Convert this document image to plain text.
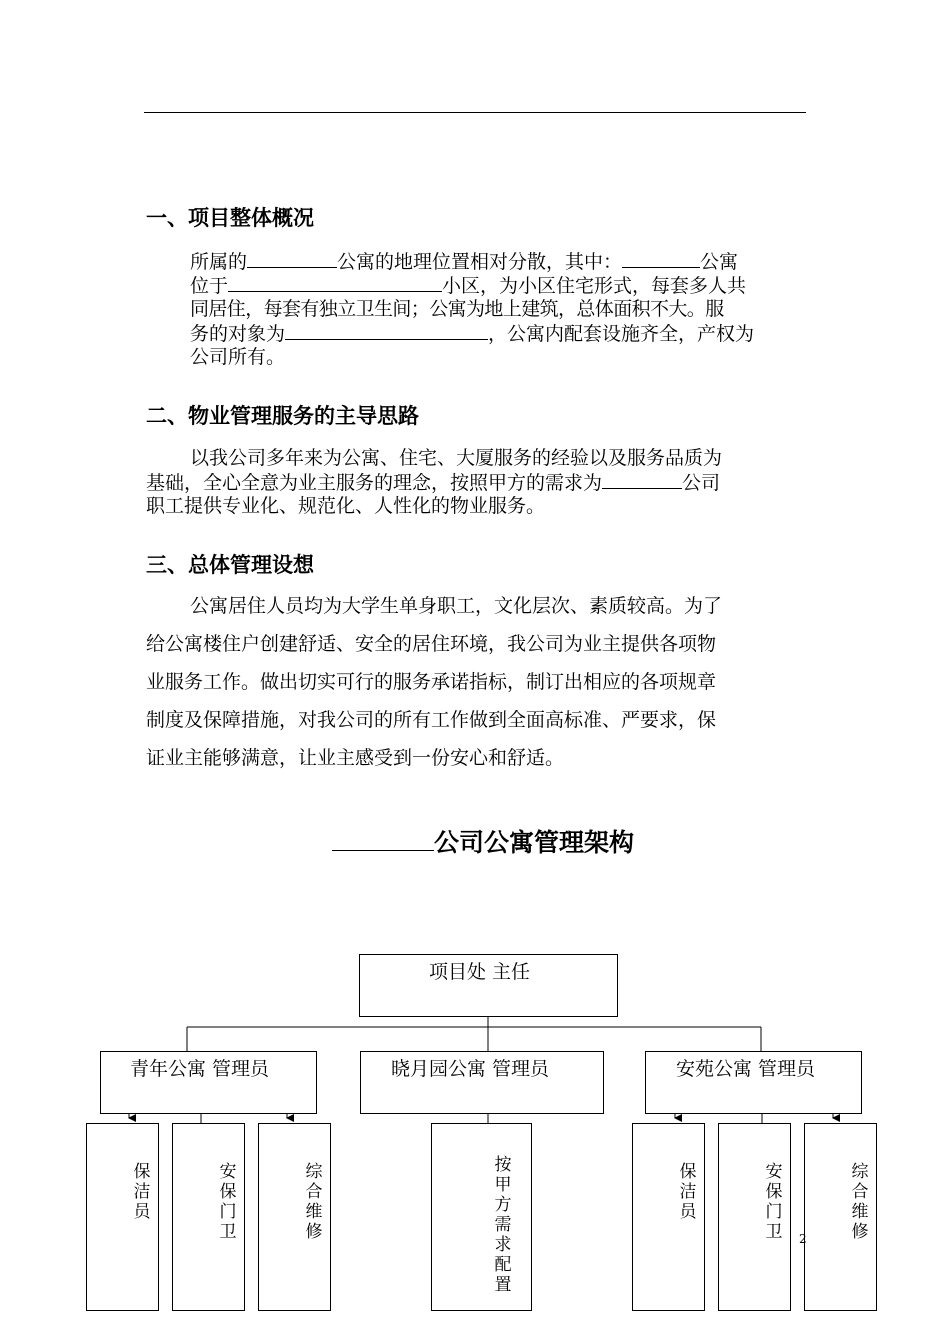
一、项目整体概况

所属的	公寓的地理位置相对分散，其中：	公寓

位于	小区，为小区住宅形式，每套多人共

同居住，每套有独立卫生间；公寓为地上建筑，总体面积不大。服

务的对象为	，公寓内配套设施齐全，产权为

公司所有。

二、物业管理服务的主导思路

以我公司多年来为公寓、住宅、大厦服务的经验以及服务品质为

基础，全心全意为业主服务的理念，按照甲方的需求为	公司

职工提供专业化、规范化、人性化的物业服务。

三、总体管理设想

公寓居住人员均为大学生单身职工，文化层次、素质较高。为了

给公寓楼住户创建舒适、安全的居住环境，我公司为业主提供各项物

业服务工作。做出切实可行的服务承诺指标，制订出相应的各项规章

制度及保障措施，对我公司的所有工作做到全面高标准、严要求，保

证业主能够满意，让业主感受到一份安心和舒适。

公司公寓管理架构
项目处 主任
青年公寓 管理员	晓月园公寓 管理员	安苑公寓 管理员
保洁员
安保门卫
综合维修
按甲方需求配置
保洁员
安保门卫
综合维修
2
